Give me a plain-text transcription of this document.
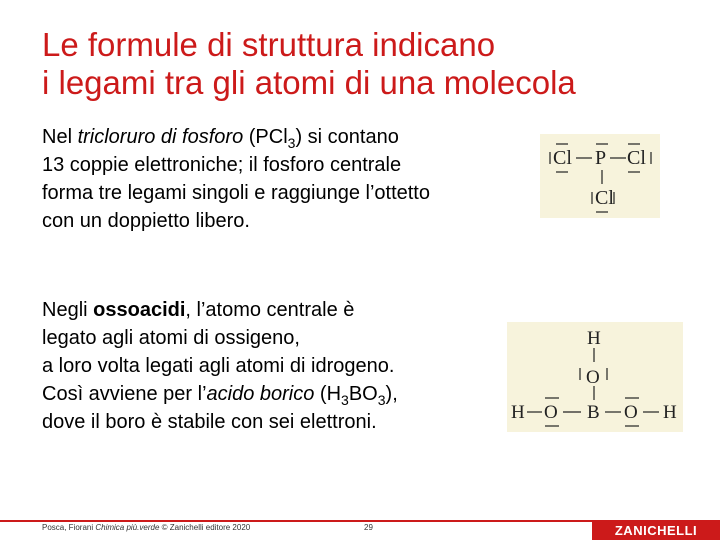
Le formule di struttura indicano
i legami tra gli atomi di una molecola
Nel tricloruro di fosforo (PCl$_3$) si contano
13 coppie elettroniche; il fosforo centrale
forma tre legami singoli e raggiunge l’ottetto
con un doppietto libero.
Cl P Cl
Cl
Negli ossoacidi, l’atomo centrale è
legato agli atomi di ossigeno,
a loro volta legati agli atomi di idrogeno.
Così avviene per l’acido borico $(H_3BO_3)$,
dove il boro è stabile con sei elettroni.
H
O
H O B O H
Posca, Fiorani Chimica più.verde © Zanichelli editore 2020	29	ZANICHELLI
